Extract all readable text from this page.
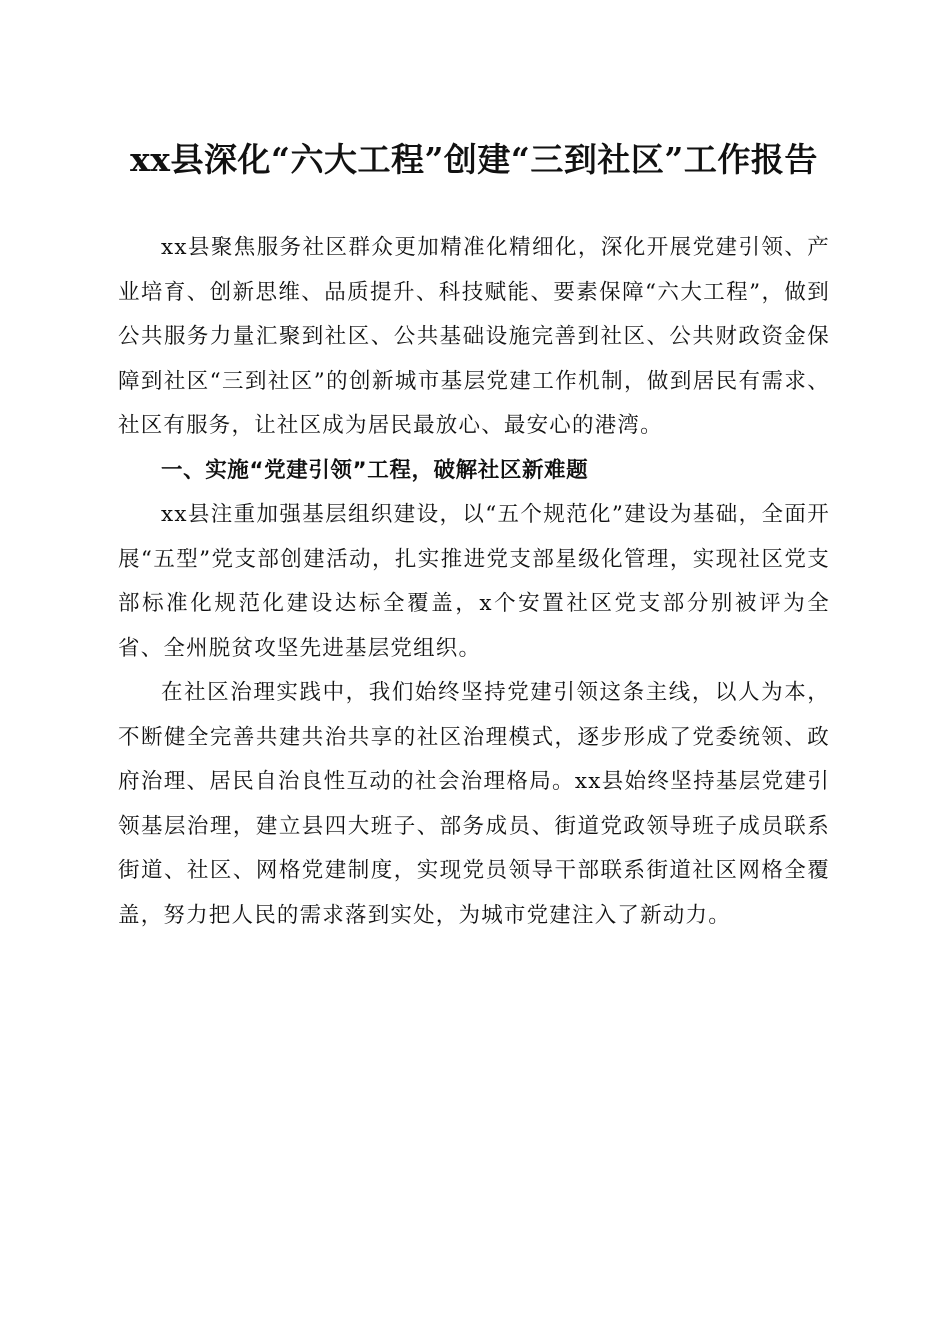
xx县深化“六大工程”创建“三到社区”工作报告

xx县聚焦服务社区群众更加精准化精细化，深化开展党建引领、产业培育、创新思维、品质提升、科技赋能、要素保障“六大工程”，做到公共服务力量汇聚到社区、公共基础设施完善到社区、公共财政资金保障到社区“三到社区”的创新城市基层党建工作机制，做到居民有需求、社区有服务，让社区成为居民最放心、最安心的港湾。

一、实施“党建引领”工程，破解社区新难题

xx县注重加强基层组织建设，以“五个规范化”建设为基础，全面开展“五型”党支部创建活动，扎实推进党支部星级化管理，实现社区党支部标准化规范化建设达标全覆盖，x个安置社区党支部分别被评为全省、全州脱贫攻坚先进基层党组织。

在社区治理实践中，我们始终坚持党建引领这条主线，以人为本，不断健全完善共建共治共享的社区治理模式，逐步形成了党委统领、政府治理、居民自治良性互动的社会治理格局。xx县始终坚持基层党建引领基层治理，建立县四大班子、部务成员、街道党政领导班子成员联系街道、社区、网格党建制度，实现党员领导干部联系街道社区网格全覆盖，努力把人民的需求落到实处，为城市党建注入了新动力。
